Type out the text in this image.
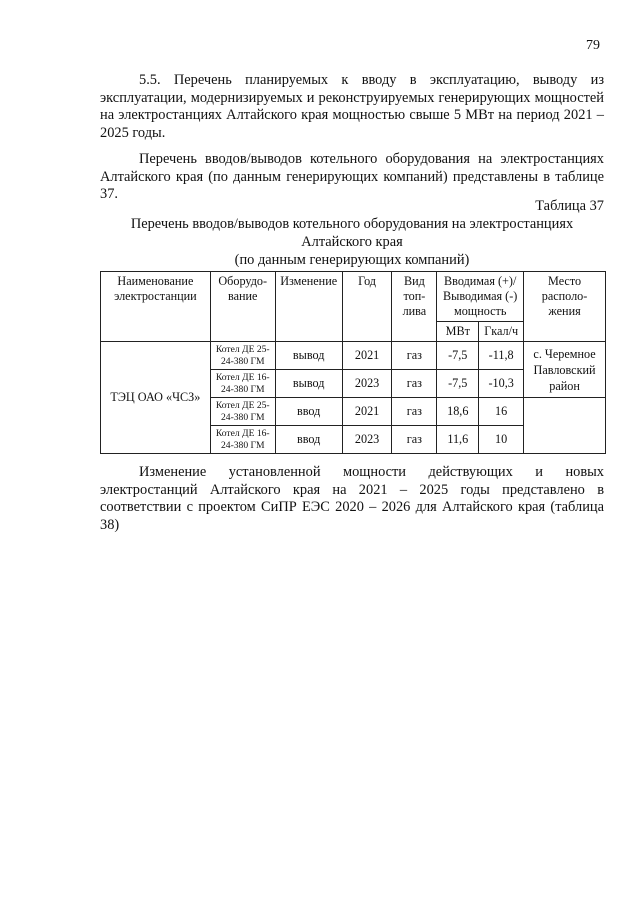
79

5.5. Перечень планируемых к вводу в эксплуатацию, выводу из эксплуатации, модернизируемых и реконструируемых генерирующих мощностей на электростанциях Алтайского края мощностью свыше 5 МВт на период 2021 – 2025 годы.

Перечень вводов/выводов котельного оборудования на электростанциях Алтайского края (по данным генерирующих компаний) представлены в таблице 37.

Таблица 37

Перечень вводов/выводов котельного оборудования на электростанциях
Алтайского края
(по данным генерирующих компаний)
Наименование электростанции	Оборудо-вание	Изменение	Год	Вид топ-лива	Вводимая (+)/ Выводимая (-) мощность		Место располо-жения
					МВт	Гкал/ч	
ТЭЦ ОАО «ЧСЗ»	Котел ДЕ 25-24-380 ГМ	вывод	2021	газ	-7,5	-11,8	с. Черемное Павловский район
	Котел ДЕ 16-24-380 ГМ	вывод	2023	газ	-7,5	-10,3	
	Котел ДЕ 25-24-380 ГМ	ввод	2021	газ	18,6	16	
	Котел ДЕ 16-24-380 ГМ	ввод	2023	газ	11,6	10	

Изменение установленной мощности действующих и новых электростанций Алтайского края на 2021 – 2025 годы представлено в соответствии с проектом СиПР ЕЭС 2020 – 2026 для Алтайского края (таблица 38)
